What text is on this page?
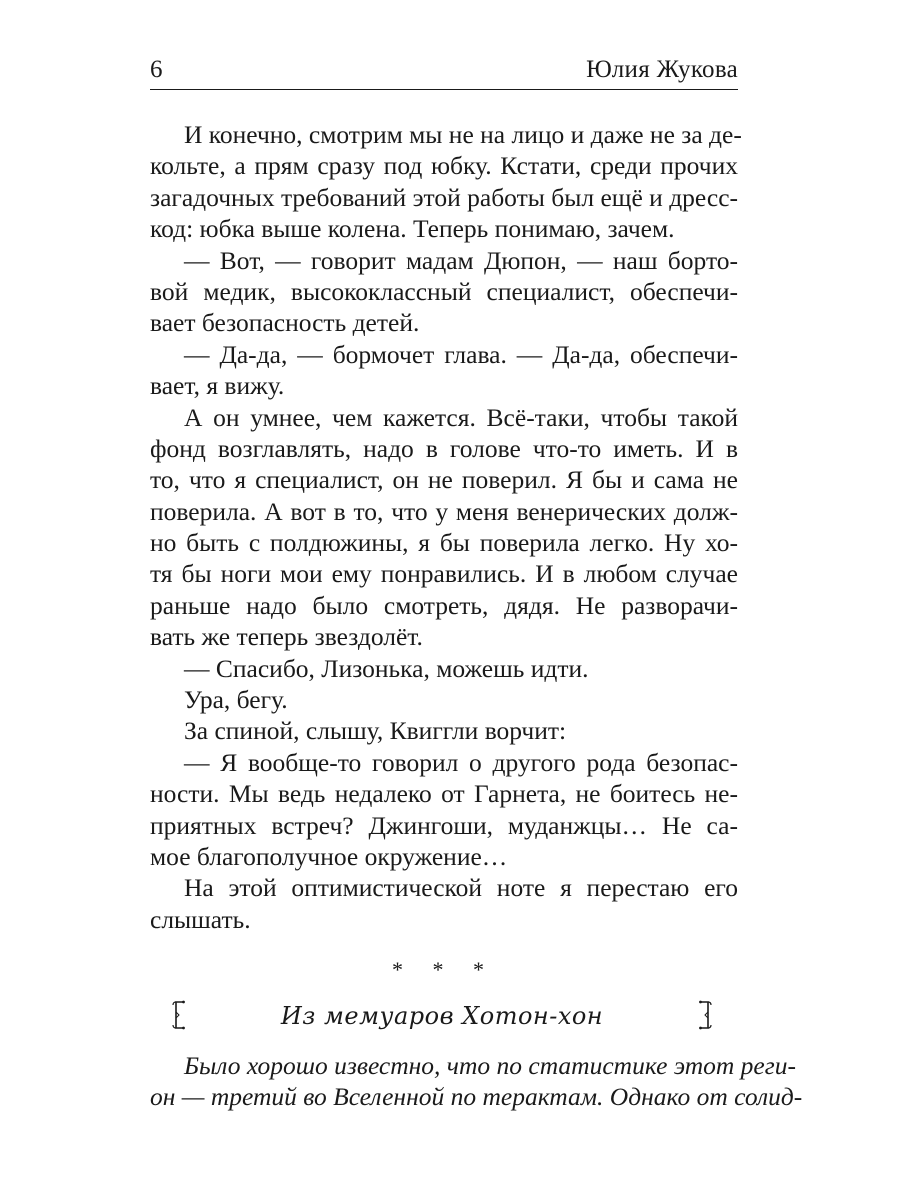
6	Юлия Жукова
И конечно, смотрим мы не на лицо и даже не за де-
кольте, а прям сразу под юбку. Кстати, среди прочих
загадочных требований этой работы был ещё и дресс-
код: юбка выше колена. Теперь понимаю, зачем.
— Вот, — говорит мадам Дюпон, — наш борто-
вой медик, высококлассный специалист, обеспечи-
вает безопасность детей.
— Да-да, — бормочет глава. — Да-да, обеспечи-
вает, я вижу.
А он умнее, чем кажется. Всё-таки, чтобы такой
фонд возглавлять, надо в голове что-то иметь. И в
то, что я специалист, он не поверил. Я бы и сама не
поверила. А вот в то, что у меня венерических долж-
но быть с полдюжины, я бы поверила легко. Ну хо-
тя бы ноги мои ему понравились. И в любом случае
раньше надо было смотреть, дядя. Не разворачи-
вать же теперь звездолёт.
— Спасибо, Лизонька, можешь идти.
Ура, бегу.
За спиной, слышу, Квиггли ворчит:
— Я вообще-то говорил о другого рода безопас-
ности. Мы ведь недалеко от Гарнета, не боитесь не-
приятных встреч? Джингоши, муданжцы… Не са-
мое благополучное окружение…
На этой оптимистической ноте я перестаю его
слышать.
* * *
Из мемуаров Хотон-хон
Было хорошо известно, что по статистике этот реги-
он — третий во Вселенной по терактам. Однако от солид-
